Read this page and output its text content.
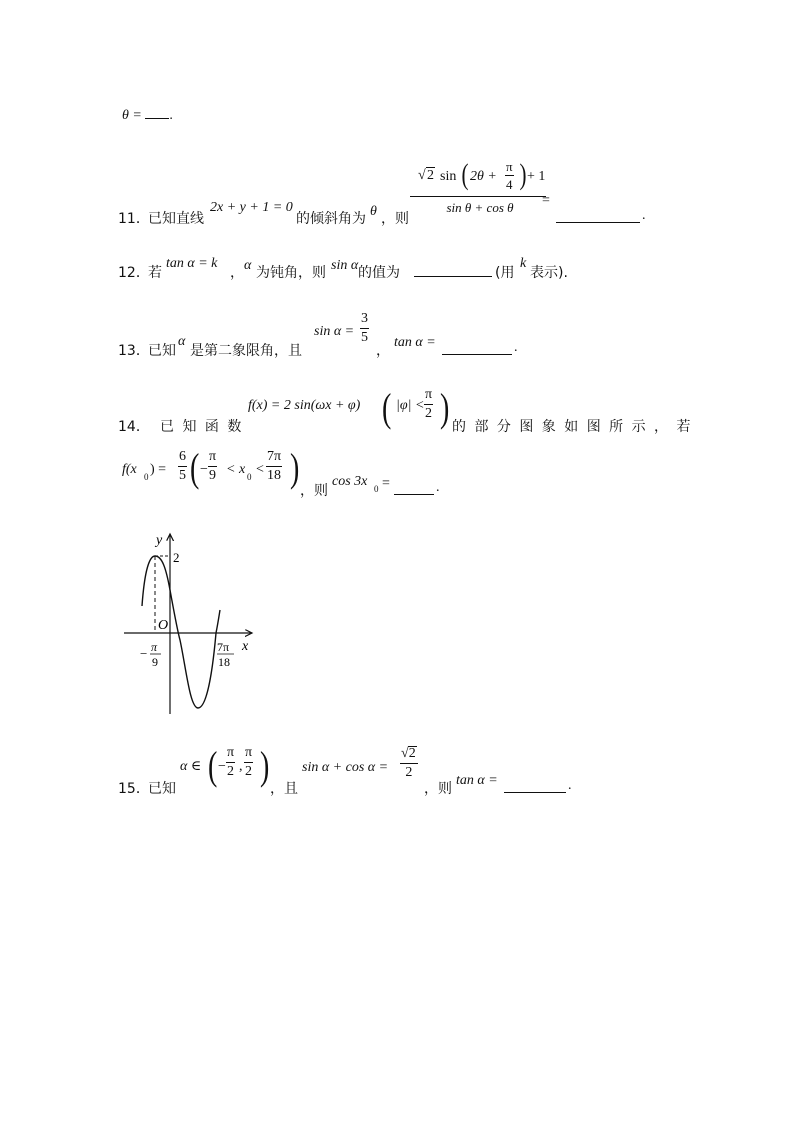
θ = .
11．
已知直线
2x + y + 1 = 0
的倾斜角为 θ ，则
√ 2 sin ( $2\theta + \frac{\pi}{4}$ ) + 1
sin θ + cos θ	=
.
12．
若
tan α = k
， α 为钝角，则 sin α 的值为	(用
k
表示).
13．
已知
α
是第二象限角，且
$\sin \alpha = \frac{3}{5}$
，
tan α =	.
14． 已 知 函 数
f(x) = 2 sin(ωx + φ) ( $|\varphi| < \frac{\pi}{2}$ ) 的 部 分 图 象 如 图 所 示 ， 若
f(x 0 ) = $\frac{6}{5}$ ( − $\frac{\pi}{9} < x$ $0 < \frac{7\pi}{18}$ )
，则
cos 3x 0 =	.
y
x
O
2
− π
9
7π
18
15．
已知
α ∈ ( − $\frac{\pi}{2}$ , $\frac{\pi}{2}$ )
，且
$\sin \alpha + \cos \alpha = \frac{√2}{2}$
，则
tan α =	.
